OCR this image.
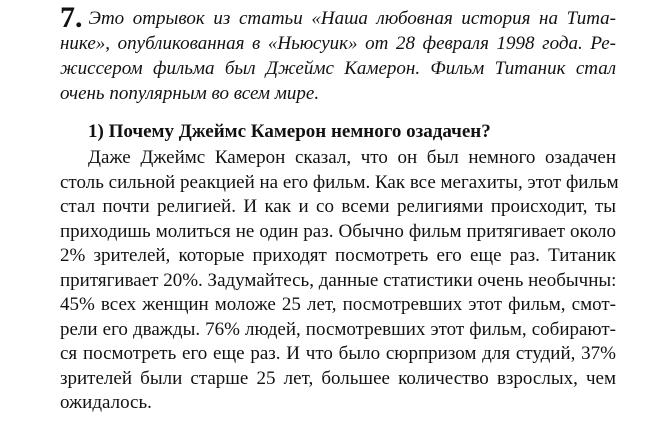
7. Это отрывок из статьи «Наша любовная история на Тита-
нике», опубликованная в «Ньюсуик» от 28 февраля 1998 года. Ре-
жиссером фильма был Джеймс Камерон. Фильм Титаник стал
очень популярным во всем мире.
1) Почему Джеймс Камерон немного озадачен?
Даже Джеймс Камерон сказал, что он был немного озадачен
столь сильной реакцией на его фильм. Как все мегахиты, этот фильм
стал почти религией. И как и со всеми религиями происходит, ты
приходишь молиться не один раз. Обычно фильм притягивает около
2% зрителей, которые приходят посмотреть его еще раз. Титаник
притягивает 20%. Задумайтесь, данные статистики очень необычны:
45% всех женщин моложе 25 лет, посмотревших этот фильм, смот-
рели его дважды. 76% людей, посмотревших этот фильм, собирают-
ся посмотреть его еще раз. И что было сюрпризом для студий, 37%
зрителей были старше 25 лет, большее количество взрослых, чем
ожидалось.
